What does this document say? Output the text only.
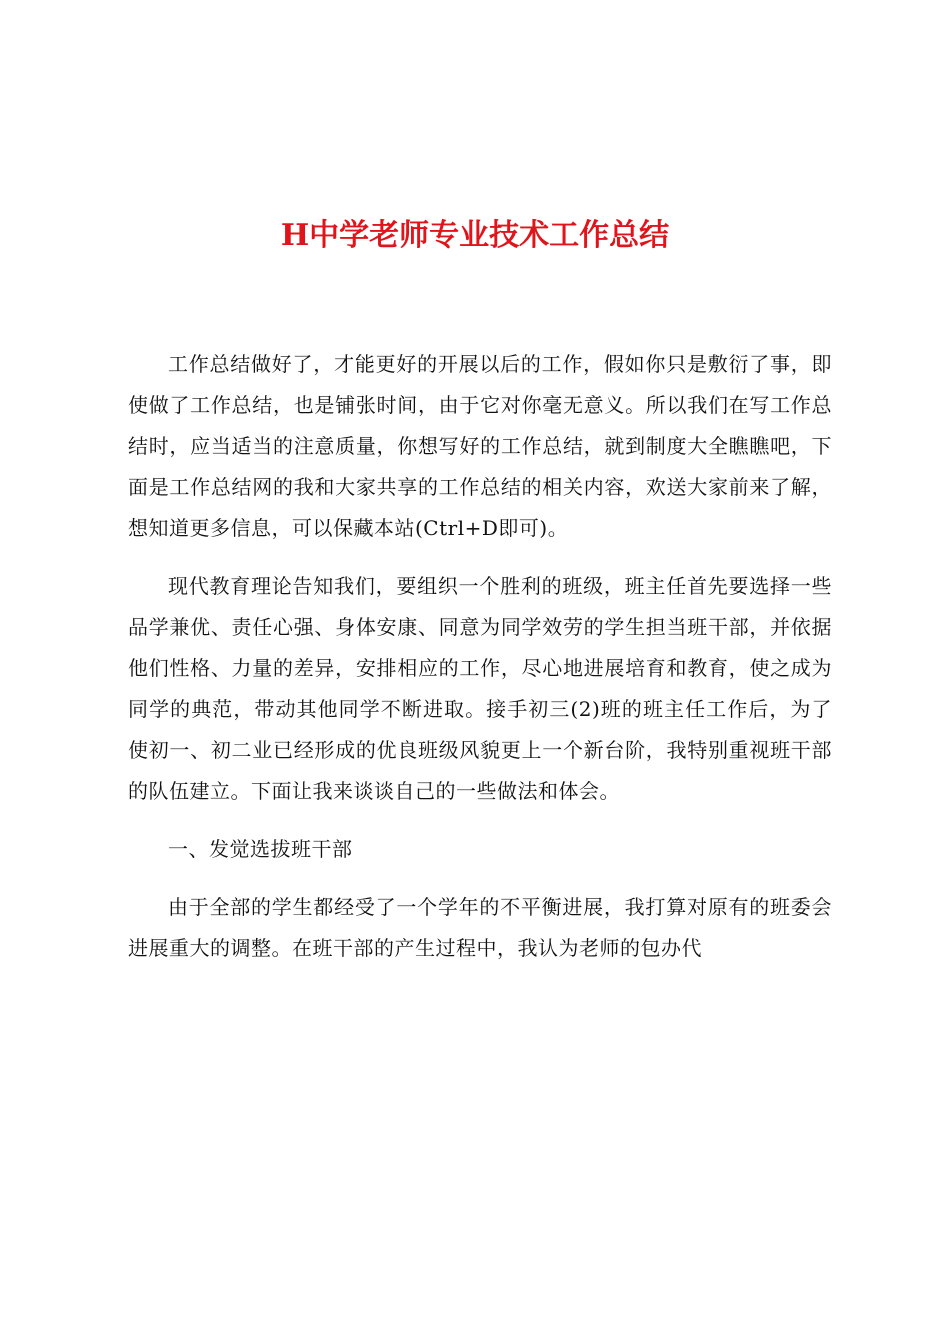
H中学老师专业技术工作总结

工作总结做好了，才能更好的开展以后的工作，假如你只是敷衍了事，即使做了工作总结，也是铺张时间，由于它对你毫无意义。所以我们在写工作总结时，应当适当的注意质量，你想写好的工作总结，就到制度大全瞧瞧吧，下面是工作总结网的我和大家共享的工作总结的相关内容，欢送大家前来了解，想知道更多信息，可以保藏本站(Ctrl+D即可)。

现代教育理论告知我们，要组织一个胜利的班级，班主任首先要选择一些品学兼优、责任心强、身体安康、同意为同学效劳的学生担当班干部，并依据他们性格、力量的差异，安排相应的工作，尽心地进展培育和教育，使之成为同学的典范，带动其他同学不断进取。接手初三(2)班的班主任工作后，为了使初一、初二业已经形成的优良班级风貌更上一个新台阶，我特别重视班干部的队伍建立。下面让我来谈谈自己的一些做法和体会。

一、发觉选拔班干部

由于全部的学生都经受了一个学年的不平衡进展，我打算对原有的班委会进展重大的调整。在班干部的产生过程中，我认为老师的包办代
